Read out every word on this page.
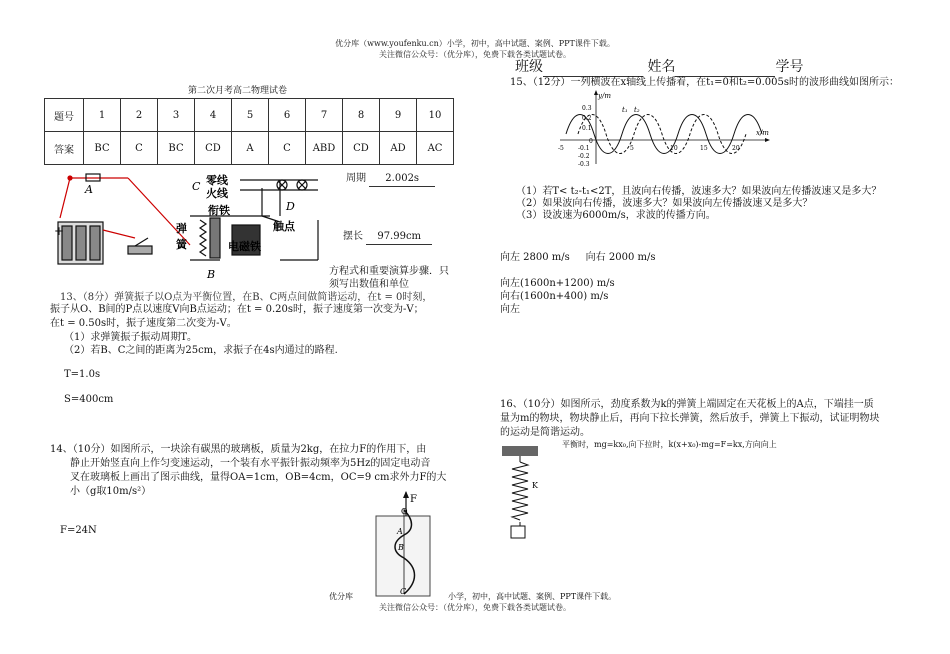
优分库（www.youfenku.cn）小学，初中，高中试题、案例、PPT课件下载。
关注微信公众号：（优分库），免费下载各类试题试卷。
班级	姓名	学号
第二次月考高二物理试卷
题号	1	2	3	4	5	6	7	8	9	10
答案	BC	C	BC	CD	A	C	ABD	CD	AD	AC
+
A
B
C
D
零线
火线
衔铁
触点
弹
簧	电磁铁
周期 2.002s
摆长 97.99cm
方程式和重要演算步骤．只
须写出数值和单位
13、（8分）弹簧振子以O点为平衡位置，在B、C两点间做简谐运动，在t = 0时刻，
振子从O、B间的P点以速度V向B点运动；在t = 0.20s时，振子速度第一次变为-V；
在t = 0.50s时，振子速度第二次变为-V。
（1）求弹簧振子振动周期T。
（2）若B、C之间的距离为25cm，求振子在4s内通过的路程.
T=1.0s
S=400cm
14、（10分）如图所示，一块涂有碳黑的玻璃板，质量为2kg，在拉力F的作用下，由
静止开始竖直向上作匀变速运动，一个装有水平振针振动频率为5Hz的固定电动音
叉在玻璃板上画出了图示曲线，量得OA=1cm，OB=4cm，OC=9 cm求外力F的大
小（g取10m/s²）
F=24N
F
O
A
B
C
15、（12分）一列横波在x轴线上传播着，在t₁=0和t₂=0.005s时的波形曲线如图所示：
y/m
x/m
t₁ t₂
0.3
0.2
0.1
0
-0.1
-0.2
-0.3
-5	5	10	15	20
（1）若T< t₂-t₁<2T，且波向右传播，波速多大？如果波向左传播波速又是多大？
（2）如果波向右传播，波速多大？如果波向左传播波速又是多大？
（3）设波速为6000m/s，求波的传播方向。
向左 2800 m/s     向右 2000 m/s
向左(1600n+1200) m/s
向右(1600n+400) m/s
向左
16、（10分）如图所示，劲度系数为k的弹簧上端固定在天花板上的A点，下端挂一质
量为m的物块，物块静止后，再向下拉长弹簧，然后放手，弹簧上下振动，试证明物块
的运动是简谐运动。
平衡时，mg=kx₀,向下拉时，k(x+x₀)-mg=F=kx,方向向上
K
优分库	小学，初中，高中试题、案例、PPT课件下载。
关注微信公众号：（优分库），免费下载各类试题试卷。
